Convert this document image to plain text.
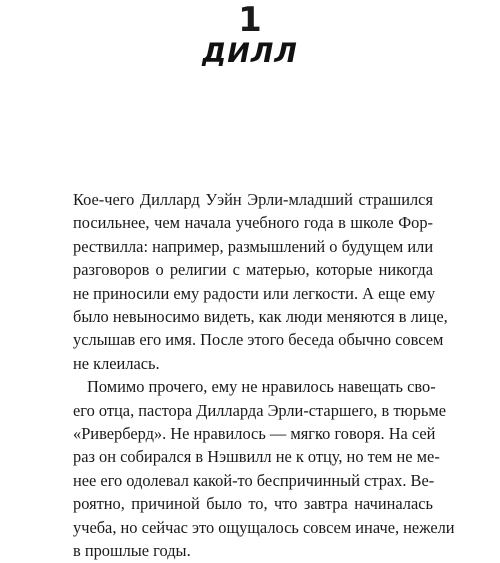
1
ДИЛЛ
Кое-чего Диллард Уэйн Эрли-младший страшился
посильнее, чем начала учебного года в школе Фор-
рествилла: например, размышлений о будущем или
разговоров о религии с матерью, которые никогда
не приносили ему радости или легкости. А еще ему
было невыносимо видеть, как люди меняются в лице,
услышав его имя. После этого беседа обычно совсем
не клеилась.
Помимо прочего, ему не нравилось навещать сво-
его отца, пастора Дилларда Эрли-старшего, в тюрьме
«Риверберд». Не нравилось — мягко говоря. На сей
раз он собирался в Нэшвилл не к отцу, но тем не ме-
нее его одолевал какой-то беспричинный страх. Ве-
роятно, причиной было то, что завтра начиналась
учеба, но сейчас это ощущалось совсем иначе, нежели
в прошлые годы.
